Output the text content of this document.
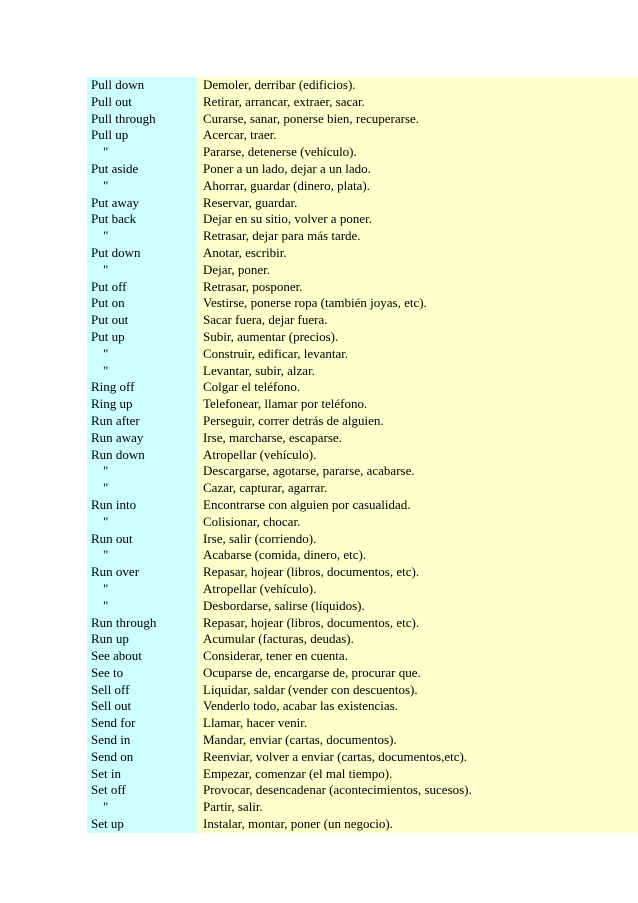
Pull down	Demoler, derribar (edificios).
Pull out	Retirar, arrancar, extraer, sacar.
Pull through	Curarse, sanar, ponerse bien, recuperarse.
Pull up	Acercar, traer.
"	Pararse, detenerse (vehículo).
Put aside	Poner a un lado, dejar a un lado.
"	Ahorrar, guardar (dinero, plata).
Put away	Reservar, guardar.
Put back	Dejar en su sitio, volver a poner.
"	Retrasar, dejar para más tarde.
Put down	Anotar, escribir.
"	Dejar, poner.
Put off	Retrasar, posponer.
Put on	Vestirse, ponerse ropa (también joyas, etc).
Put out	Sacar fuera, dejar fuera.
Put up	Subir, aumentar (precios).
"	Construir, edificar, levantar.
"	Levantar, subir, alzar.
Ring off	Colgar el teléfono.
Ring up	Telefonear, llamar por teléfono.
Run after	Perseguir, correr detrás de alguien.
Run away	Irse, marcharse, escaparse.
Run down	Atropellar (vehículo).
"	Descargarse, agotarse, pararse, acabarse.
"	Cazar, capturar, agarrar.
Run into	Encontrarse con alguien por casualidad.
"	Colisionar, chocar.
Run out	Irse, salir (corriendo).
"	Acabarse (comida, dinero, etc).
Run over	Repasar, hojear (libros, documentos, etc).
"	Atropellar (vehículo).
"	Desbordarse, salirse (líquidos).
Run through	Repasar, hojear (libros, documentos, etc).
Run up	Acumular (facturas, deudas).
See about	Considerar, tener en cuenta.
See to	Ocuparse de, encargarse de, procurar que.
Sell off	Liquidar, saldar (vender con descuentos).
Sell out	Venderlo todo, acabar las existencias.
Send for	Llamar, hacer venir.
Send in	Mandar, enviar (cartas, documentos).
Send on	Reenviar, volver a enviar (cartas, documentos,etc).
Set in	Empezar, comenzar (el mal tiempo).
Set off	Provocar, desencadenar (acontecimientos, sucesos).
"	Partir, salir.
Set up	Instalar, montar, poner (un negocio).
